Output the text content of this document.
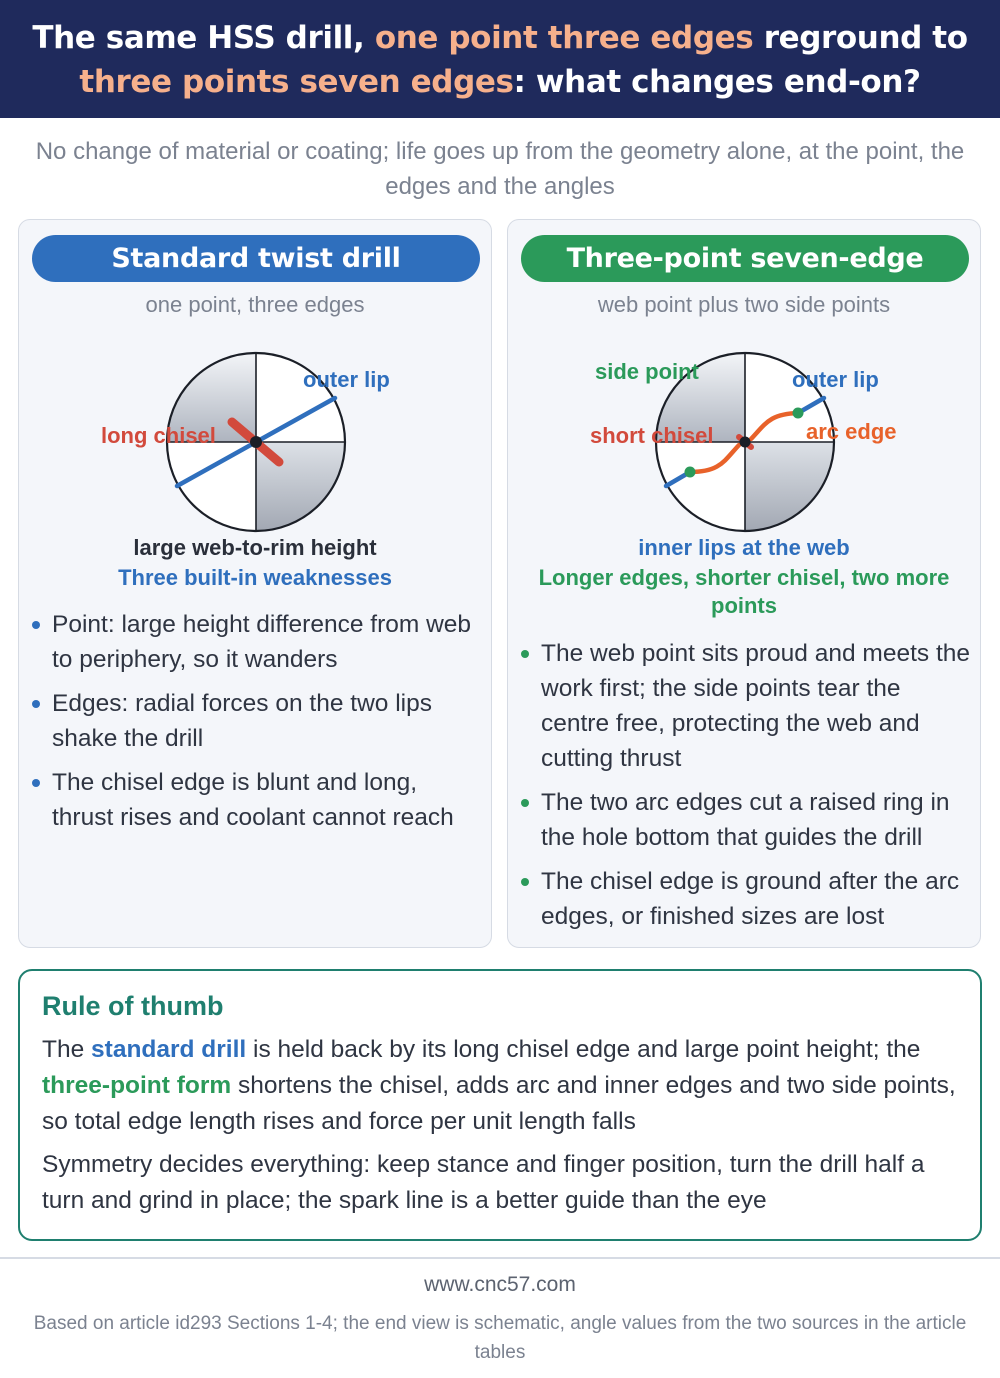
The same HSS drill, one point three edges reground to
three points seven edges: what changes end-on?
No change of material or coating; life goes up from the geometry alone, at the point, the edges and the angles
Standard twist drill
one point, three edges
outer lip
long chisel
large web-to-rim height
Three built-in weaknesses
Point: large height difference from web to periphery, so it wanders
Edges: radial forces on the two lips shake the drill
The chisel edge is blunt and long, thrust rises and coolant cannot reach
Three-point seven-edge
web point plus two side points
side point	outer lip
short chisel	arc edge
inner lips at the web
Longer edges, shorter chisel, two more points
The web point sits proud and meets the work first; the side points tear the centre free, protecting the web and cutting thrust
The two arc edges cut a raised ring in the hole bottom that guides the drill
The chisel edge is ground after the arc edges, or finished sizes are lost
Rule of thumb

The standard drill is held back by its long chisel edge and large point height; the three-point form shortens the chisel, adds arc and inner edges and two side points, so total edge length rises and force per unit length falls

Symmetry decides everything: keep stance and finger position, turn the drill half a turn and grind in place; the spark line is a better guide than the eye

www.cnc57.com
Based on article id293 Sections 1-4; the end view is schematic, angle values from the two sources in the article tables
